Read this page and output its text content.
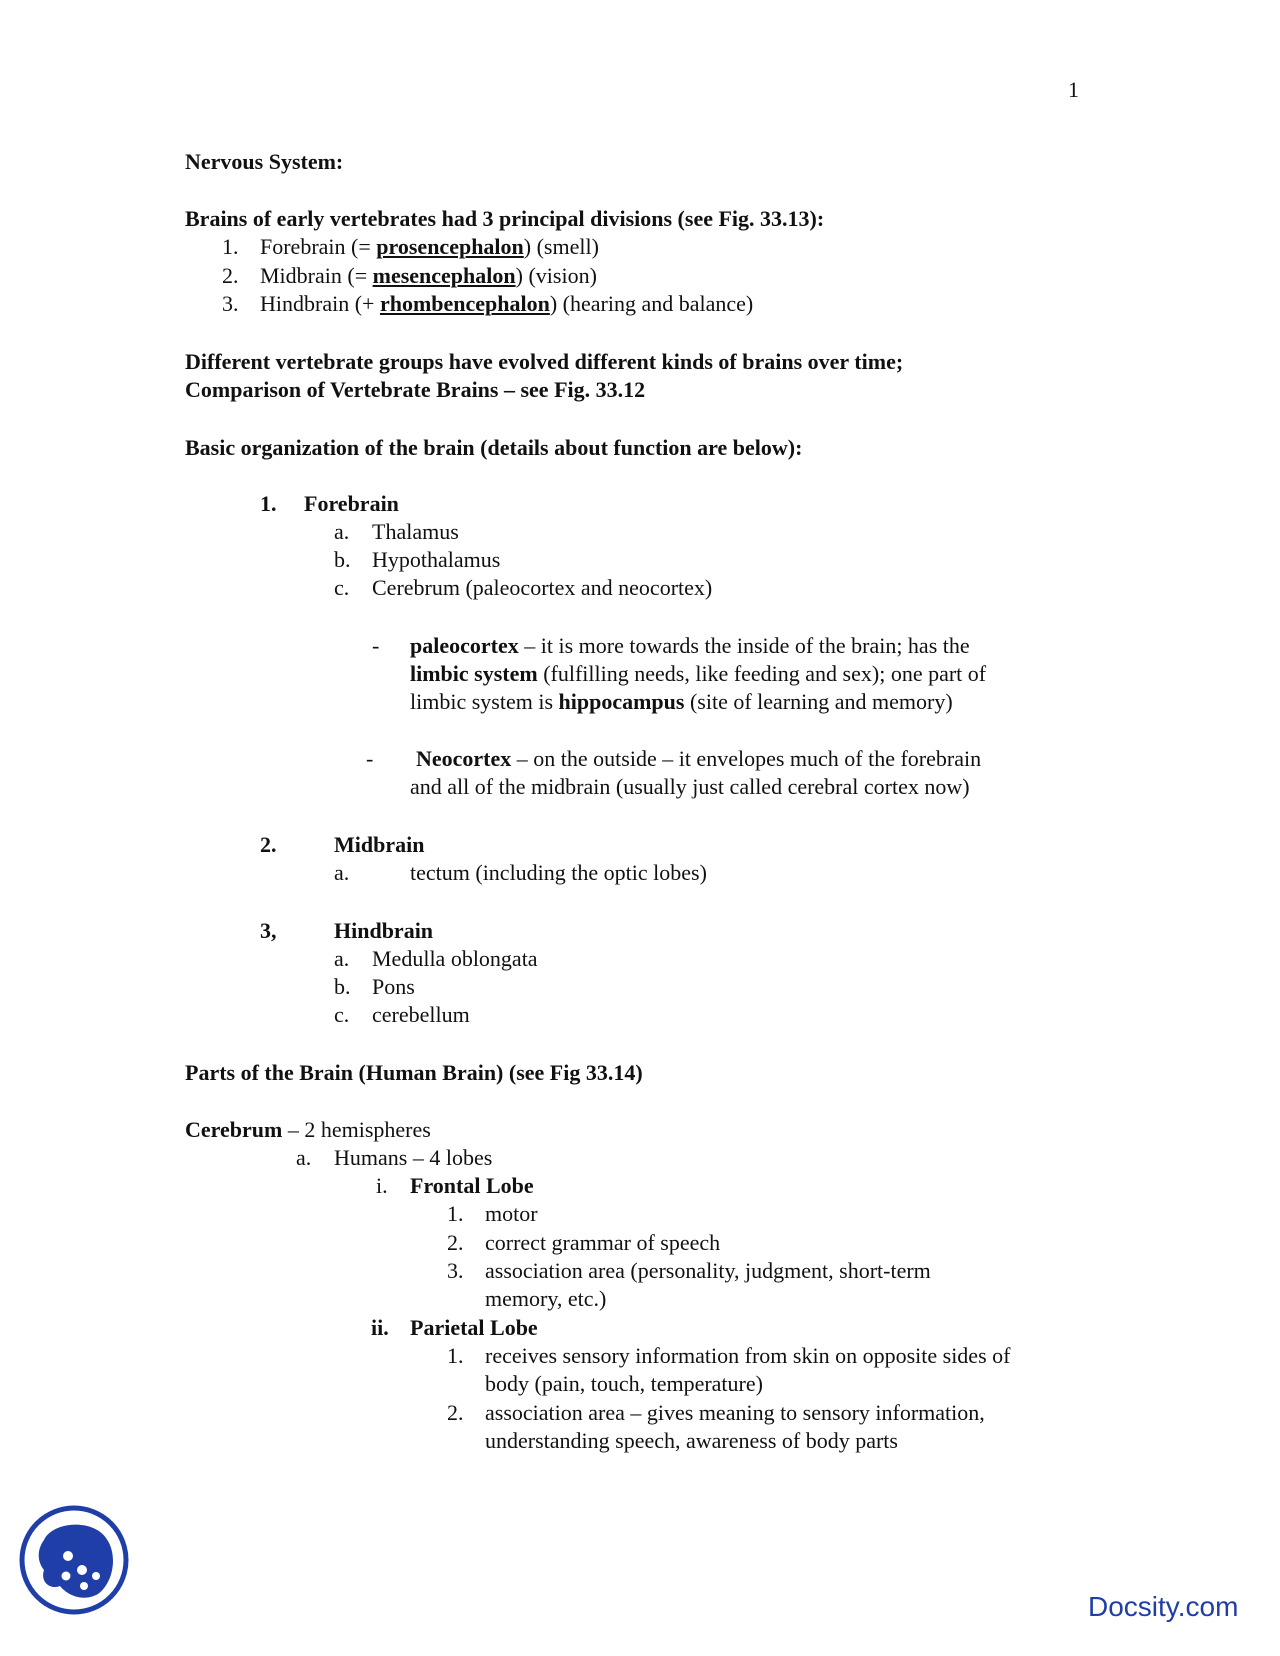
1
Nervous System:
Brains of early vertebrates had 3 principal divisions (see Fig. 33.13):
1. Forebrain (= prosencephalon) (smell)
2. Midbrain (= mesencephalon) (vision)
3. Hindbrain (+ rhombencephalon) (hearing and balance)
Different vertebrate groups have evolved different kinds of brains over time;
Comparison of Vertebrate Brains – see Fig. 33.12
Basic organization of the brain (details about function are below):
1. Forebrain
a. Thalamus
b. Hypothalamus
c. Cerebrum (paleocortex and neocortex)
- paleocortex – it is more towards the inside of the brain; has the
limbic system (fulfilling needs, like feeding and sex); one part of
limbic system is hippocampus (site of learning and memory)
- Neocortex – on the outside – it envelopes much of the forebrain
and all of the midbrain (usually just called cerebral cortex now)
2.	Midbrain
a.	tectum (including the optic lobes)
3,	Hindbrain
a. Medulla oblongata
b. Pons
c. cerebellum
Parts of the Brain (Human Brain) (see Fig 33.14)
Cerebrum – 2 hemispheres
a. Humans – 4 lobes
i. Frontal Lobe
1. motor
2. correct grammar of speech
3. association area (personality, judgment, short-term
memory, etc.)
ii. Parietal Lobe
1. receives sensory information from skin on opposite sides of
body (pain, touch, temperature)
2. association area – gives meaning to sensory information,
understanding speech, awareness of body parts
Docsity.com
